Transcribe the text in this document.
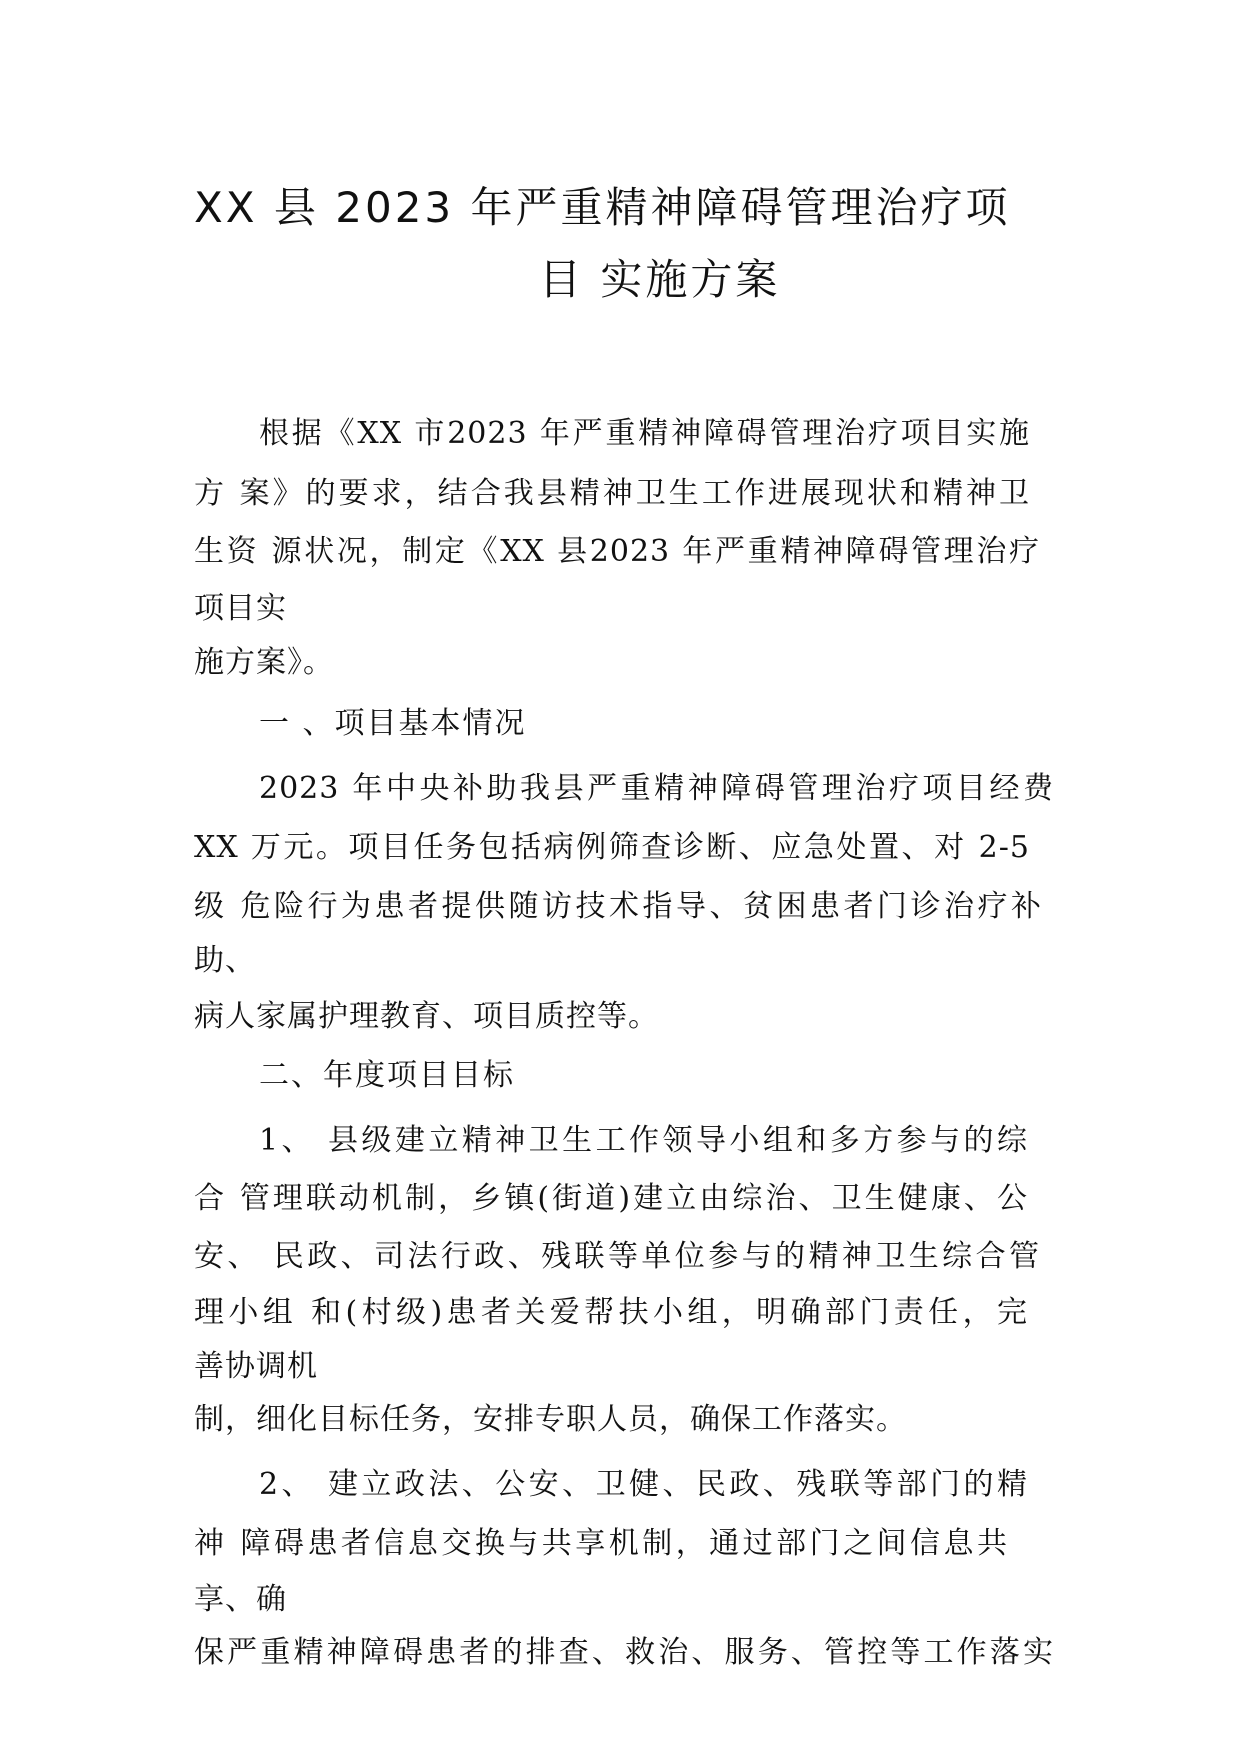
XX 县 2023 年严重精神障碍管理治疗项
目 实施方案
根据《XX 市2023 年严重精神障碍管理治疗项目实施
方 案》的要求，结合我县精神卫生工作进展现状和精神卫
生资 源状况，制定《XX 县2023 年严重精神障碍管理治疗
项目实
施方案》。
一 、项目基本情况
2023 年中央补助我县严重精神障碍管理治疗项目经费
XX 万元。项目任务包括病例筛查诊断、应急处置、对 2-5
级 危险行为患者提供随访技术指导、贫困患者门诊治疗补
助、
病人家属护理教育、项目质控等。
二、年度项目目标
1、 县级建立精神卫生工作领导小组和多方参与的综
合 管理联动机制，乡镇(街道)建立由综治、卫生健康、公
安、 民政、司法行政、残联等单位参与的精神卫生综合管
理小组 和(村级)患者关爱帮扶小组，明确部门责任，完
善协调机
制，细化目标任务，安排专职人员，确保工作落实。
2、 建立政法、公安、卫健、民政、残联等部门的精
神 障碍患者信息交换与共享机制，通过部门之间信息共
享、确
保严重精神障碍患者的排查、救治、服务、管控等工作落实
